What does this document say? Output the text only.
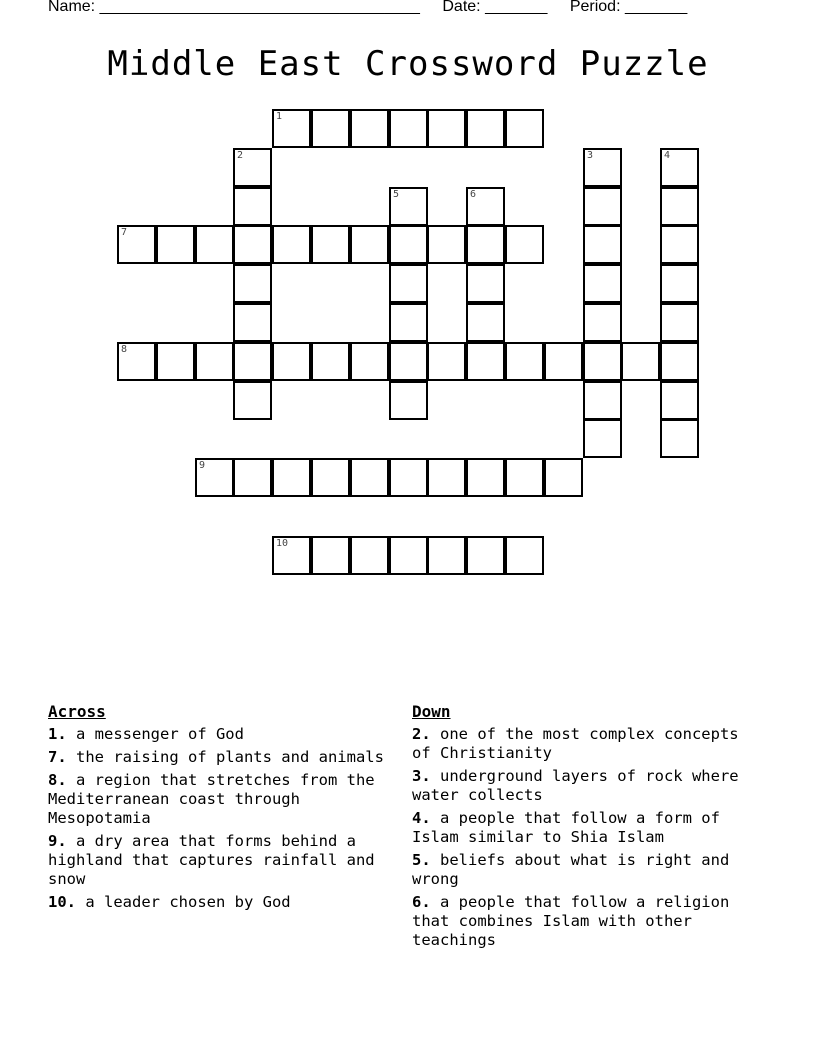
Name: ____________________________________ Date: _______ Period: _______
Middle East Crossword Puzzle
1
2	3	4
5	6
7
8
9
10
Across
1. a messenger of God
7. the raising of plants and animals
8. a region that stretches from the Mediterranean coast through Mesopotamia
9. a dry area that forms behind a highland that captures rainfall and snow
10. a leader chosen by God
Down
2. one of the most complex concepts of Christianity
3. underground layers of rock where water collects
4. a people that follow a form of Islam similar to Shia Islam
5. beliefs about what is right and wrong
6. a people that follow a religion that combines Islam with other teachings
